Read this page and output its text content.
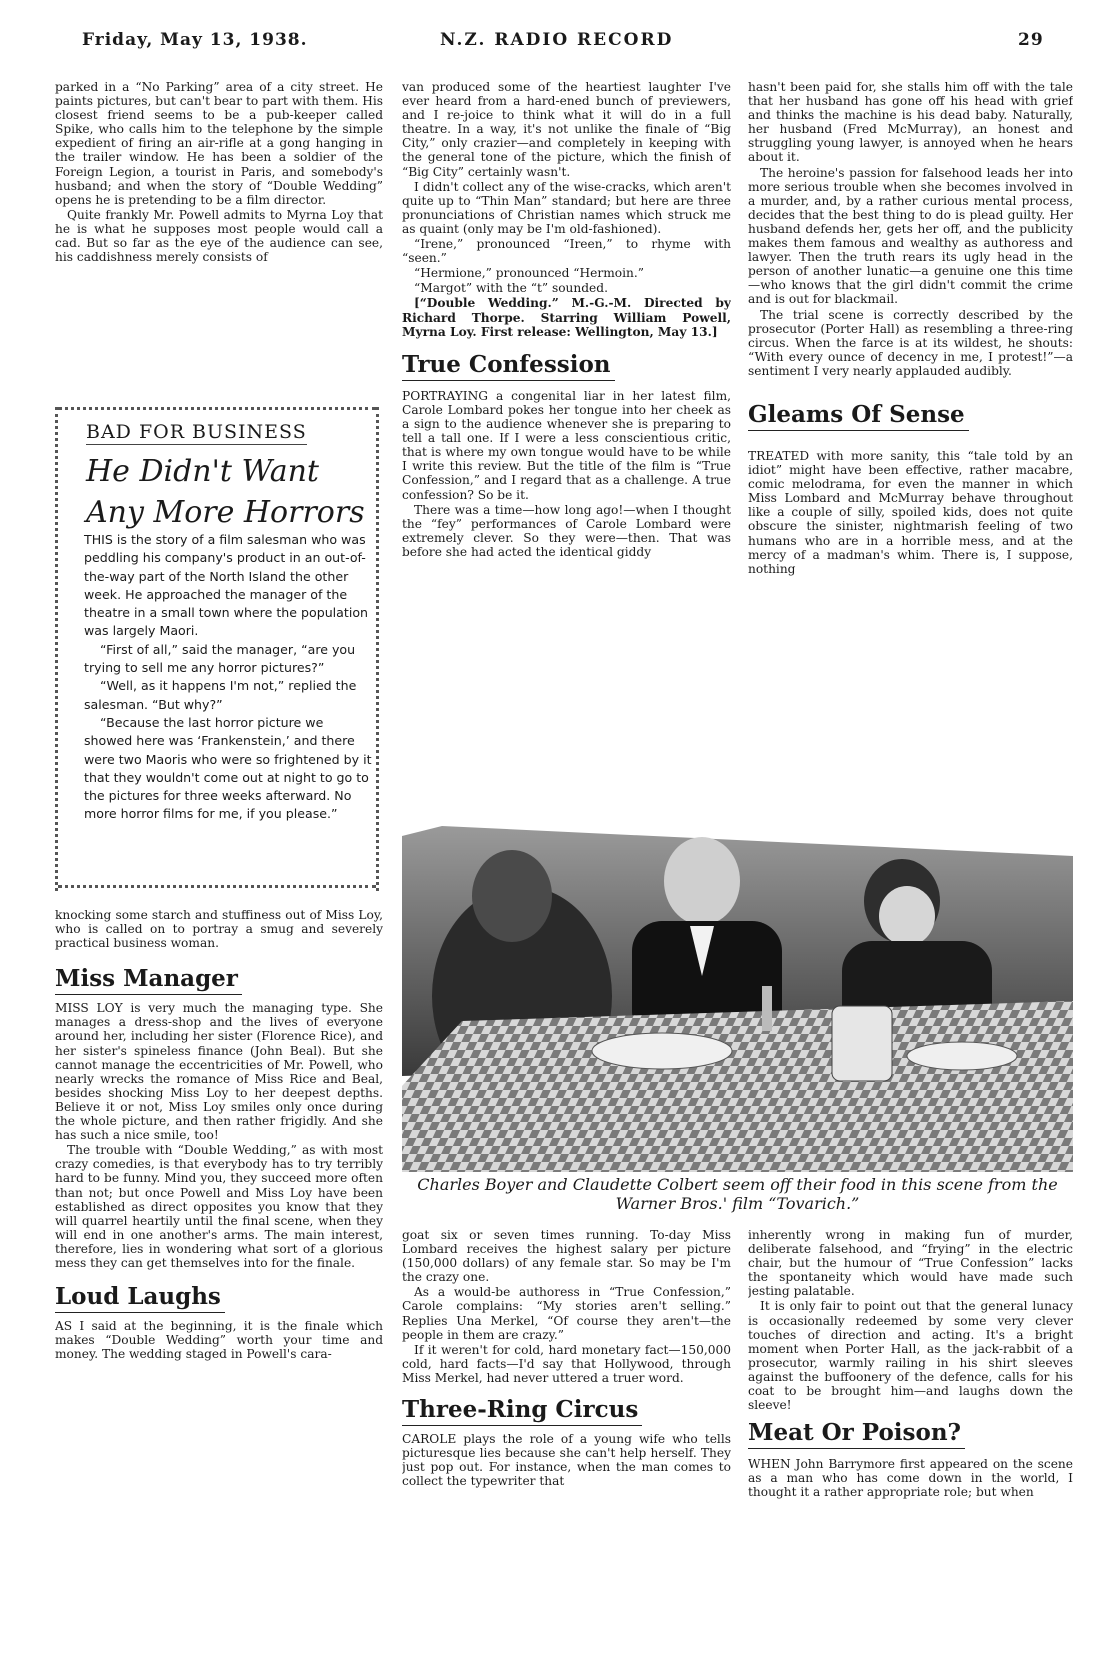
Friday, May 13, 1938.	N.Z. RADIO RECORD	29

parked in a “No Parking” area of a city street. He paints pictures, but can't bear to part with them. His closest friend seems to be a pub-keeper called Spike, who calls him to the telephone by the simple expedient of firing an air-rifle at a gong hanging in the trailer window. He has been a soldier of the Foreign Legion, a tourist in Paris, and somebody's husband; and when the story of “Double Wedding” opens he is pretending to be a film director.

Quite frankly Mr. Powell admits to Myrna Loy that he is what he supposes most people would call a cad. But so far as the eye of the audience can see, his caddishness merely consists of

BAD FOR BUSINESS
He Didn't Want Any More Horrors

THIS is the story of a film salesman who was peddling his company's product in an out-of-the-way part of the North Island the other week. He approached the manager of the theatre in a small town where the population was largely Maori.

“First of all,” said the manager, “are you trying to sell me any horror pictures?”

“Well, as it happens I'm not,” replied the salesman. “But why?”

“Because the last horror picture we showed here was ‘Frankenstein,’ and there were two Maoris who were so frightened by it that they wouldn't come out at night to go to the pictures for three weeks afterward. No more horror films for me, if you please.”

knocking some starch and stuffiness out of Miss Loy, who is called on to portray a smug and severely practical business woman.

Miss Manager

MISS LOY is very much the managing type. She manages a dress-shop and the lives of everyone around her, including her sister (Florence Rice), and her sister's spineless finance (John Beal). But she cannot manage the eccentricities of Mr. Powell, who nearly wrecks the romance of Miss Rice and Beal, besides shocking Miss Loy to her deepest depths. Believe it or not, Miss Loy smiles only once during the whole picture, and then rather frigidly. And she has such a nice smile, too!

The trouble with “Double Wedding,” as with most crazy comedies, is that everybody has to try terribly hard to be funny. Mind you, they succeed more often than not; but once Powell and Miss Loy have been established as direct opposites you know that they will quarrel heartily until the final scene, when they will end in one another's arms. The main interest, therefore, lies in wondering what sort of a glorious mess they can get themselves into for the finale.

Loud Laughs

AS I said at the beginning, it is the finale which makes “Double Wedding” worth your time and money. The wedding staged in Powell's cara-

van produced some of the heartiest laughter I've ever heard from a hard-ened bunch of previewers, and I re-joice to think what it will do in a full theatre. In a way, it's not unlike the finale of “Big City,” only crazier—and completely in keeping with the general tone of the picture, which the finish of “Big City” certainly wasn't.

I didn't collect any of the wise-cracks, which aren't quite up to “Thin Man” standard; but here are three pronunciations of Christian names which struck me as quaint (only may be I'm old-fashioned).

“Irene,” pronounced “Ireen,” to rhyme with “seen.”

“Hermione,” pronounced “Hermoin.”

“Margot” with the “t” sounded.

[“Double Wedding.” M.-G.-M. Directed by Richard Thorpe. Starring William Powell, Myrna Loy. First release: Wellington, May 13.]

True Confession

PORTRAYING a congenital liar in her latest film, Carole Lombard pokes her tongue into her cheek as a sign to the audience whenever she is preparing to tell a tall one. If I were a less conscientious critic, that is where my own tongue would have to be while I write this review. But the title of the film is “True Confession,” and I regard that as a challenge. A true confession? So be it.

There was a time—how long ago!—when I thought the “fey” performances of Carole Lombard were extremely clever. So they were—then. That was before she had acted the identical giddy

hasn't been paid for, she stalls him off with the tale that her husband has gone off his head with grief and thinks the machine is his dead baby. Naturally, her husband (Fred McMurray), an honest and struggling young lawyer, is annoyed when he hears about it.

The heroine's passion for falsehood leads her into more serious trouble when she becomes involved in a murder, and, by a rather curious mental process, decides that the best thing to do is plead guilty. Her husband defends her, gets her off, and the publicity makes them famous and wealthy as authoress and lawyer. Then the truth rears its ugly head in the person of another lunatic—a genuine one this time—who knows that the girl didn't commit the crime and is out for blackmail.

The trial scene is correctly described by the prosecutor (Porter Hall) as resembling a three-ring circus. When the farce is at its wildest, he shouts: “With every ounce of decency in me, I protest!”—a sentiment I very nearly applauded audibly.

Gleams Of Sense

TREATED with more sanity, this “tale told by an idiot” might have been effective, rather macabre, comic melodrama, for even the manner in which Miss Lombard and McMurray behave throughout like a couple of silly, spoiled kids, does not quite obscure the sinister, nightmarish feeling of two humans who are in a horrible mess, and at the mercy of a madman's whim. There is, I suppose, nothing

Charles Boyer and Claudette Colbert seem off their food in this scene from the Warner Bros.' film “Tovarich.”

goat six or seven times running. To-day Miss Lombard receives the highest salary per picture (150,000 dollars) of any female star. So may be I'm the crazy one.

As a would-be authoress in “True Confession,” Carole complains: “My stories aren't selling.” Replies Una Merkel, “Of course they aren't—the people in them are crazy.”

If it weren't for cold, hard monetary fact—150,000 cold, hard facts—I'd say that Hollywood, through Miss Merkel, had never uttered a truer word.

Three-Ring Circus

CAROLE plays the role of a young wife who tells picturesque lies because she can't help herself. They just pop out. For instance, when the man comes to collect the typewriter that

inherently wrong in making fun of murder, deliberate falsehood, and “frying” in the electric chair, but the humour of “True Confession” lacks the spontaneity which would have made such jesting palatable.

It is only fair to point out that the general lunacy is occasionally redeemed by some very clever touches of direction and acting. It's a bright moment when Porter Hall, as the jack-rabbit of a prosecutor, warmly railing in his shirt sleeves against the buffoonery of the defence, calls for his coat to be brought him—and laughs down the sleeve!

Meat Or Poison?

WHEN John Barrymore first appeared on the scene as a man who has come down in the world, I thought it a rather appropriate role; but when
